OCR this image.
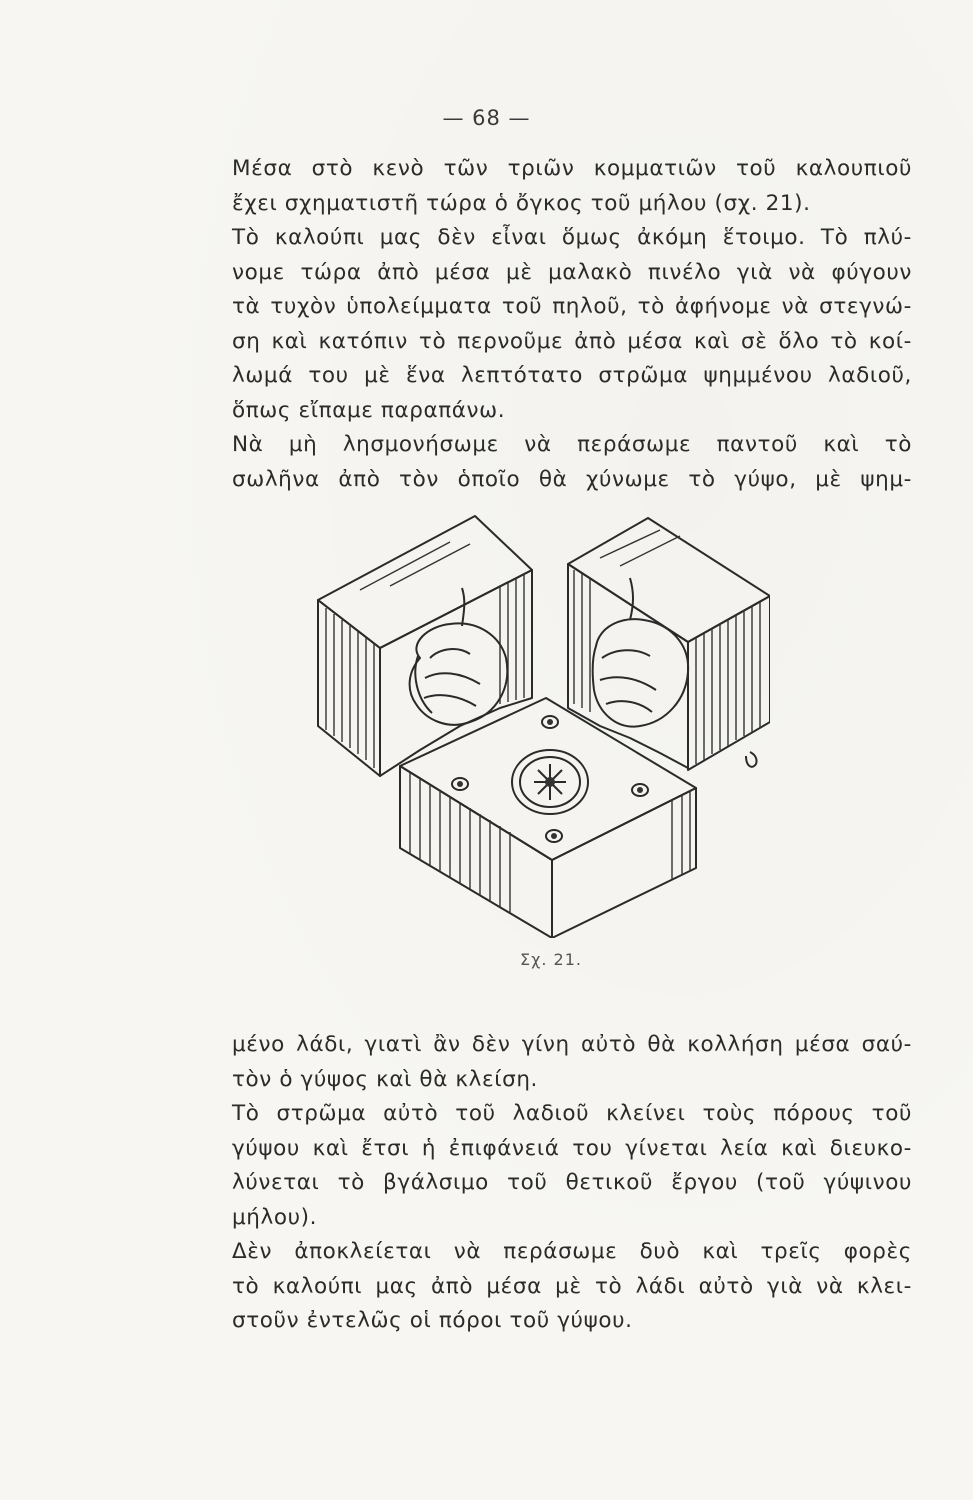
— 68 —
Μέσα στὸ κενὸ τῶν τριῶν κομματιῶν τοῦ καλουπιοῦ
ἔχει σχηματιστῆ τώρα ὁ ὄγκος τοῦ μήλου (σχ. 21).
Τὸ καλούπι μας δὲν εἶναι ὅμως ἀκόμη ἕτοιμο. Τὸ πλύ-
νομε τώρα ἀπὸ μέσα μὲ μαλακὸ πινέλο γιὰ νὰ φύγουν
τὰ τυχὸν ὑπολείμματα τοῦ πηλοῦ, τὸ ἀφήνομε νὰ στεγνώ-
ση καὶ κατόπιν τὸ περνοῦμε ἀπὸ μέσα καὶ σὲ ὅλο τὸ κοί-
λωμά του μὲ ἕνα λεπτότατο στρῶμα ψημμένου λαδιοῦ,
ὅπως εἴπαμε παραπάνω.
Νὰ μὴ λησμονήσωμε νὰ περάσωμε παντοῦ καὶ τὸ
σωλῆνα ἀπὸ τὸν ὁποῖο θὰ χύνωμε τὸ γύψο, μὲ ψημ-
Σχ. 21.
μένο λάδι, γιατὶ ἂν δὲν γίνη αὐτὸ θὰ κολλήση μέσα σαύ-
τὸν ὁ γύψος καὶ θὰ κλείση.
Τὸ στρῶμα αὐτὸ τοῦ λαδιοῦ κλείνει τοὺς πόρους τοῦ
γύψου καὶ ἔτσι ἡ ἐπιφάνειά του γίνεται λεία καὶ διευκο-
λύνεται τὸ βγάλσιμο τοῦ θετικοῦ ἔργου (τοῦ γύψινου
μήλου).
Δὲν ἀποκλείεται νὰ περάσωμε δυὸ καὶ τρεῖς φορὲς
τὸ καλούπι μας ἀπὸ μέσα μὲ τὸ λάδι αὐτὸ γιὰ νὰ κλει-
στοῦν ἐντελῶς οἱ πόροι τοῦ γύψου.
